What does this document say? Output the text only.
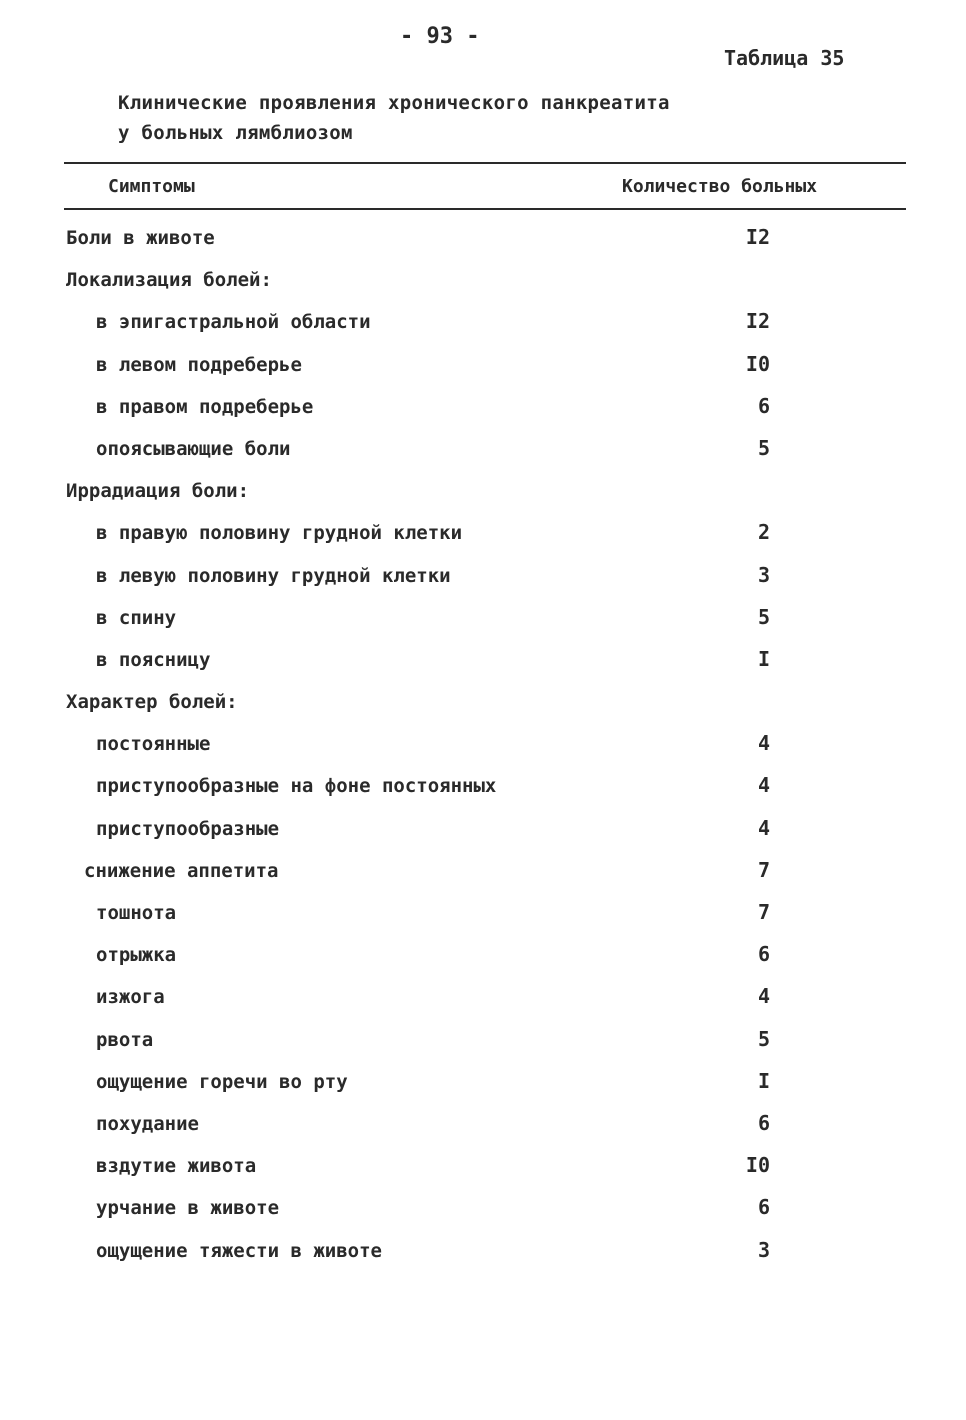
- 93 -
Таблица 35
Клинические проявления хронического панкреатита
у больных лямблиозом
Симптомы	Количество больных
Боли в животе	I2
Локализация болей:
в эпигастральной области	I2
в левом подреберье	I0
в правом подреберье	6
опоясывающие боли	5
Иррадиация боли:
в правую половину грудной клетки	2
в левую половину грудной клетки	3
в спину	5
в поясницу	I
Характер болей:
постоянные	4
приступообразные на фоне постоянных	4
приступообразные	4
снижение аппетита	7
тошнота	7
отрыжка	6
изжога	4
рвота	5
ощущение горечи во рту	I
похудание	6
вздутие живота	I0
урчание в животе	6
ощущение тяжести в животе	3
